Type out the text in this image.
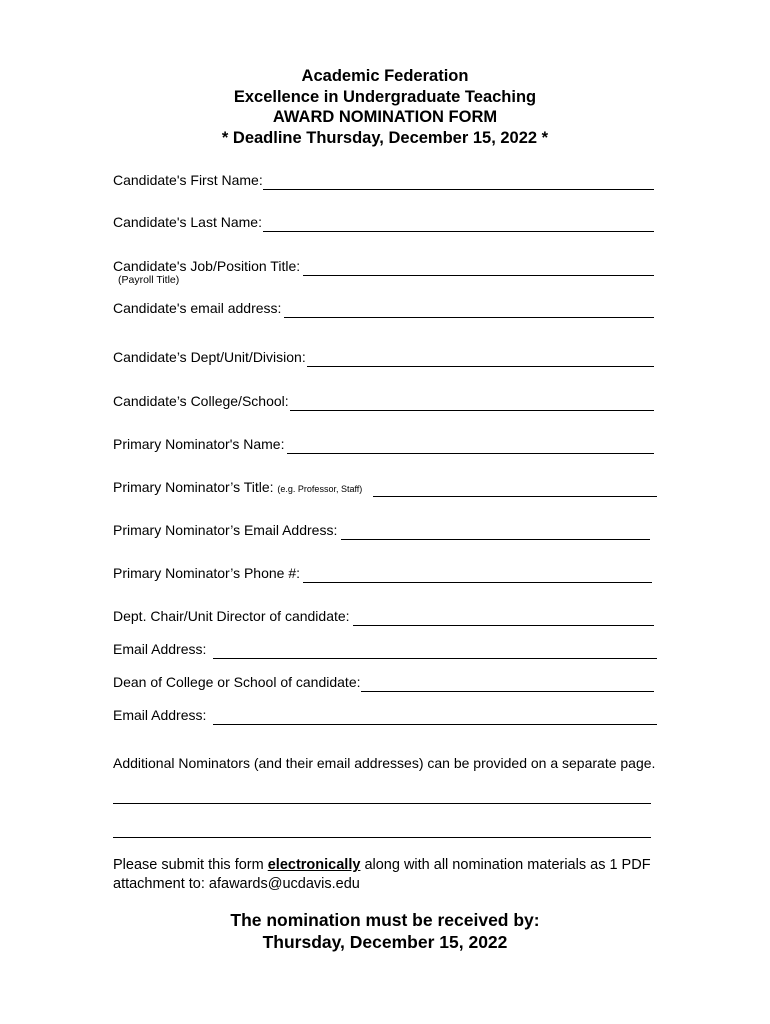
Academic Federation
Excellence in Undergraduate Teaching
AWARD NOMINATION FORM
* Deadline Thursday, December 15, 2022 *
Candidate's First Name:
Candidate's Last Name:
Candidate's Job/Position Title:
(Payroll Title)
Candidate's email address:
Candidate’s Dept/Unit/Division:
Candidate’s College/School:
Primary Nominator's Name:
Primary Nominator’s Title: (e.g. Professor, Staff)
Primary Nominator’s Email Address:
Primary Nominator’s Phone #:
Dept. Chair/Unit Director of candidate:
Email Address:
Dean of College or School of candidate:
Email Address:
Additional Nominators (and their email addresses) can be provided on a separate page.
Please submit this form electronically along with all nomination materials as 1 PDF attachment to: afawards@ucdavis.edu
The nomination must be received by:
Thursday, December 15, 2022
